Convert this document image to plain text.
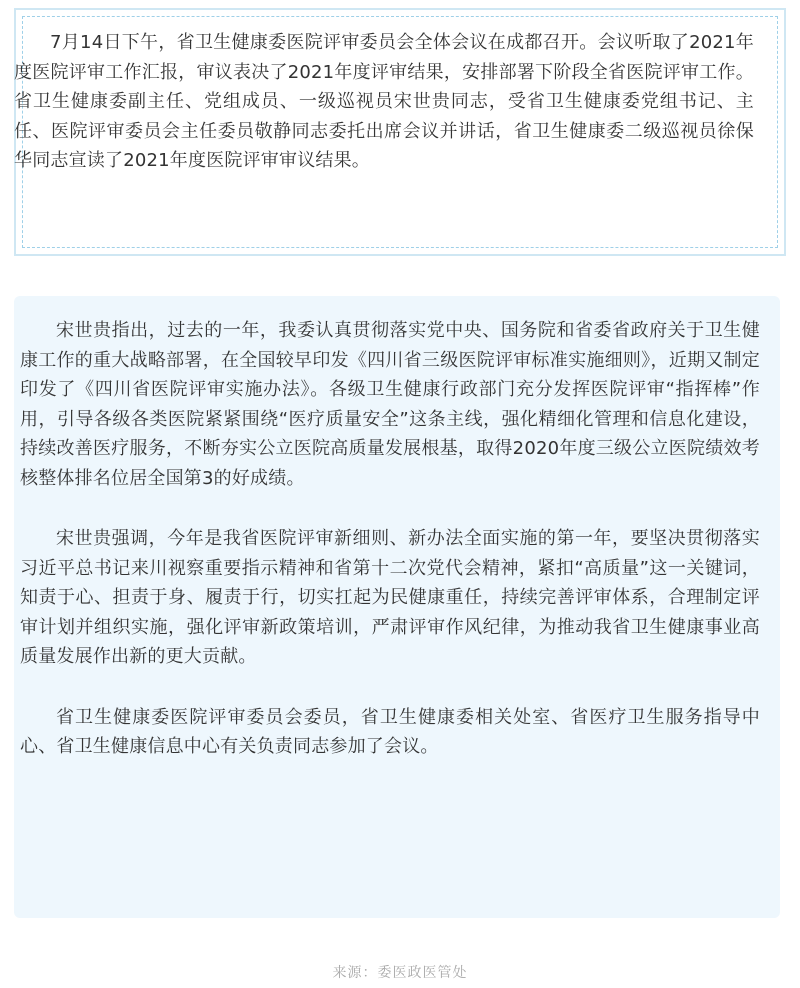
7月14日下午，省卫生健康委医院评审委员会全体会议在成都召开。会议听取了2021年度医院评审工作汇报，审议表决了2021年度评审结果，安排部署下阶段全省医院评审工作。省卫生健康委副主任、党组成员、一级巡视员宋世贵同志，受省卫生健康委党组书记、主任、医院评审委员会主任委员敬静同志委托出席会议并讲话，省卫生健康委二级巡视员徐保华同志宣读了2021年度医院评审审议结果。

宋世贵指出，过去的一年，我委认真贯彻落实党中央、国务院和省委省政府关于卫生健康工作的重大战略部署，在全国较早印发《四川省三级医院评审标准实施细则》，近期又制定印发了《四川省医院评审实施办法》。各级卫生健康行政部门充分发挥医院评审“指挥棒”作用，引导各级各类医院紧紧围绕“医疗质量安全”这条主线，强化精细化管理和信息化建设，持续改善医疗服务，不断夯实公立医院高质量发展根基，取得2020年度三级公立医院绩效考核整体排名位居全国第3的好成绩。

宋世贵强调，今年是我省医院评审新细则、新办法全面实施的第一年，要坚决贯彻落实习近平总书记来川视察重要指示精神和省第十二次党代会精神，紧扣“高质量”这一关键词，知责于心、担责于身、履责于行，切实扛起为民健康重任，持续完善评审体系，合理制定评审计划并组织实施，强化评审新政策培训，严肃评审作风纪律，为推动我省卫生健康事业高质量发展作出新的更大贡献。

省卫生健康委医院评审委员会委员，省卫生健康委相关处室、省医疗卫生服务指导中心、省卫生健康信息中心有关负责同志参加了会议。

来源：委医政医管处
